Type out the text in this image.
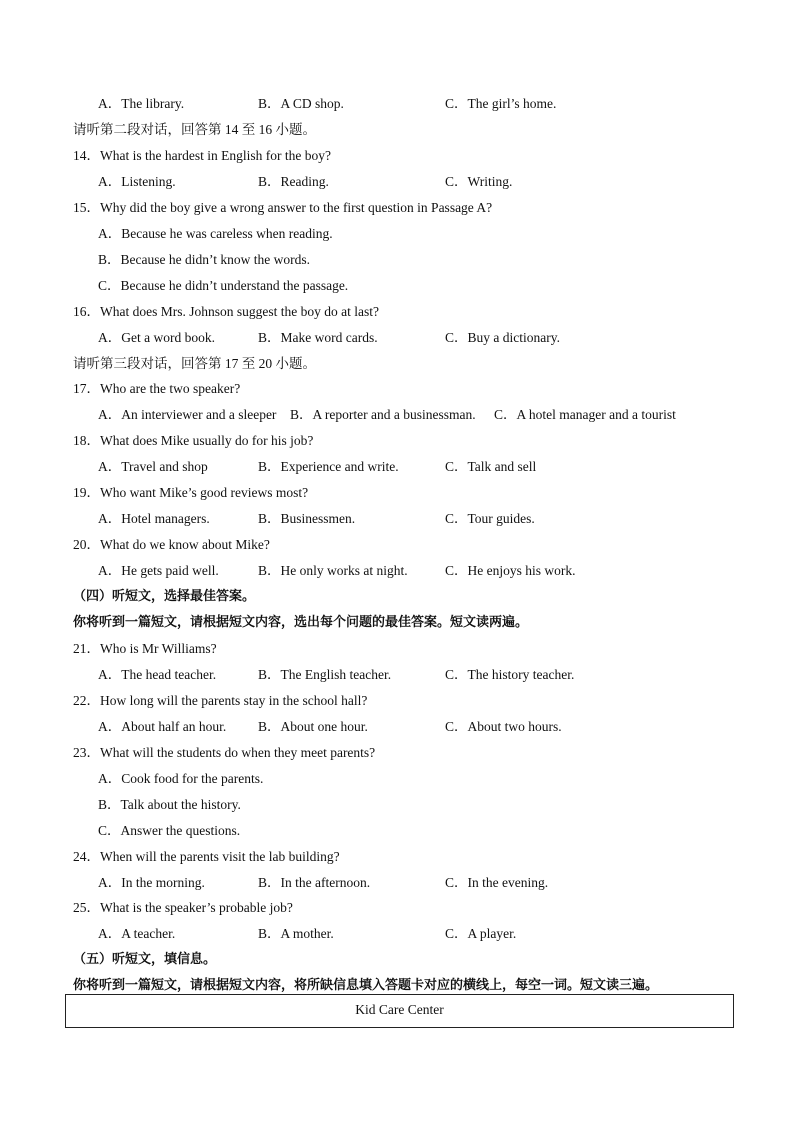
A．The library.	B．A CD shop.	C．The girl’s home.
请听第二段对话，回答第 14 至 16 小题。
14．What is the hardest in English for the boy?
A．Listening.	B．Reading.	C．Writing.
15．Why did the boy give a wrong answer to the first question in Passage A?
A．Because he was careless when reading.
B．Because he didn’t know the words.
C．Because he didn’t understand the passage.
16．What does Mrs. Johnson suggest the boy do at last?
A．Get a word book.	B．Make word cards.	C．Buy a dictionary.
请听第三段对话，回答第 17 至 20 小题。
17．Who are the two speaker?
A．An interviewer and a sleeper B．A reporter and a businessman. C．A hotel manager and a tourist
18．What does Mike usually do for his job?
A．Travel and shop	B．Experience and write.	C．Talk and sell
19．Who want Mike’s good reviews most?
A．Hotel managers.	B．Businessmen.	C．Tour guides.
20．What do we know about Mike?
A．He gets paid well.	B．He only works at night.	C．He enjoys his work.
（四）听短文，选择最佳答案。
你将听到一篇短文，请根据短文内容，选出每个问题的最佳答案。短文读两遍。
21．Who is Mr Williams?
A．The head teacher.	B．The English teacher.	C．The history teacher.
22．How long will the parents stay in the school hall?
A．About half an hour. B．About one hour.	C．About two hours.
23．What will the students do when they meet parents?
A．Cook food for the parents.
B．Talk about the history.
C．Answer the questions.
24．When will the parents visit the lab building?
A．In the morning.	B．In the afternoon.	C．In the evening.
25．What is the speaker’s probable job?
A．A teacher.	B．A mother.	C．A player.
（五）听短文，填信息。
你将听到一篇短文，请根据短文内容，将所缺信息填入答题卡对应的横线上，每空一词。短文读三遍。
Kid Care Center
